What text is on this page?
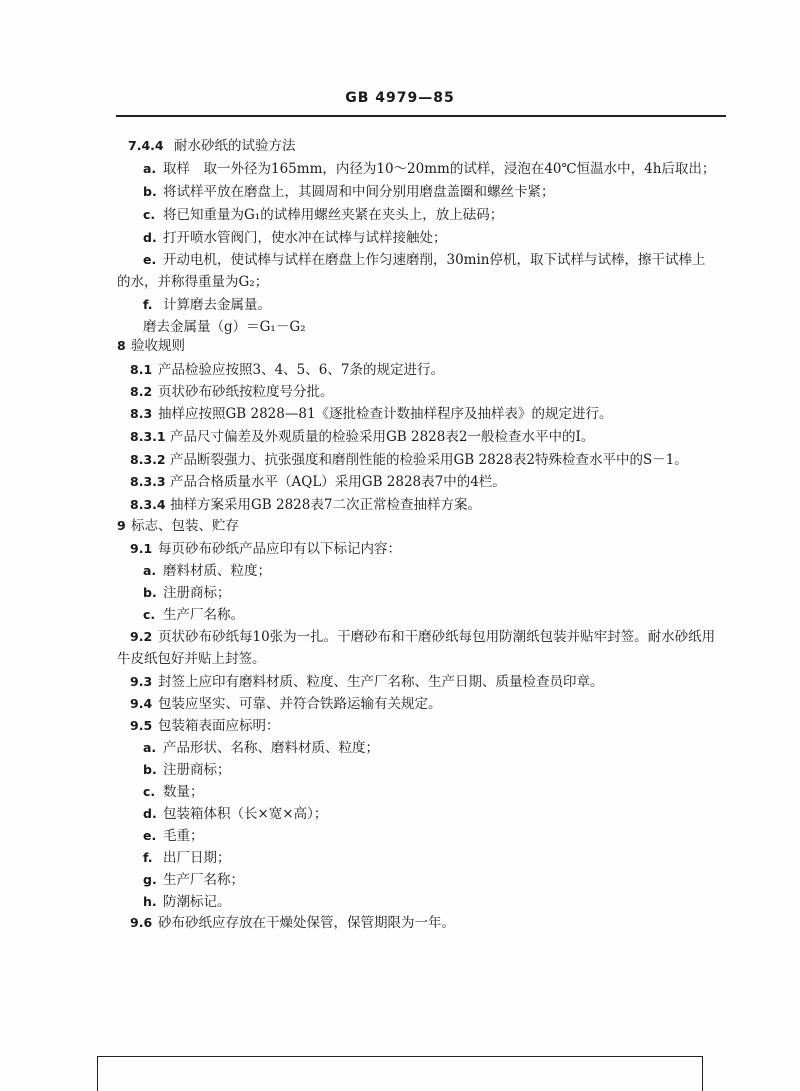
GB 4979—85
7.4.4 耐水砂纸的试验方法
a. 取样　取一外径为165mm，内径为10～20mm的试样，浸泡在40℃恒温水中，4h后取出；
b. 将试样平放在磨盘上，其圆周和中间分别用磨盘盖圈和螺丝卡紧；
c. 将已知重量为G₁的试棒用螺丝夹紧在夹头上，放上砝码；
d. 打开喷水管阀门，使水冲在试棒与试样接触处；
e. 开动电机，使试棒与试样在磨盘上作匀速磨削，30min停机，取下试样与试棒，擦干试棒上
的水，并称得重量为G₂；
f. 计算磨去金属量。
磨去金属量（g）＝G₁－G₂
8 验收规则
8.1 产品检验应按照3、4、5、6、7条的规定进行。
8.2 页状砂布砂纸按粒度号分批。
8.3 抽样应按照GB 2828—81《逐批检查计数抽样程序及抽样表》的规定进行。
8.3.1 产品尺寸偏差及外观质量的检验采用GB 2828表2一般检查水平中的I。
8.3.2 产品断裂强力、抗张强度和磨削性能的检验采用GB 2828表2特殊检查水平中的S－1。
8.3.3 产品合格质量水平（AQL）采用GB 2828表7中的4栏。
8.3.4 抽样方案采用GB 2828表7二次正常检查抽样方案。
9 标志、包装、贮存
9.1 每页砂布砂纸产品应印有以下标记内容：
a. 磨料材质、粒度；
b. 注册商标；
c. 生产厂名称。
9.2 页状砂布砂纸每10张为一扎。干磨砂布和干磨砂纸每包用防潮纸包装并贴牢封签。耐水砂纸用
牛皮纸包好并贴上封签。
9.3 封签上应印有磨料材质、粒度、生产厂名称、生产日期、质量检查员印章。
9.4 包装应坚实、可靠、并符合铁路运输有关规定。
9.5 包装箱表面应标明：
a. 产品形状、名称、磨料材质、粒度；
b. 注册商标；
c. 数量；
d. 包装箱体积（长×宽×高）；
e. 毛重；
f. 出厂日期；
g. 生产厂名称；
h. 防潮标记。
9.6 砂布砂纸应存放在干燥处保管，保管期限为一年。
